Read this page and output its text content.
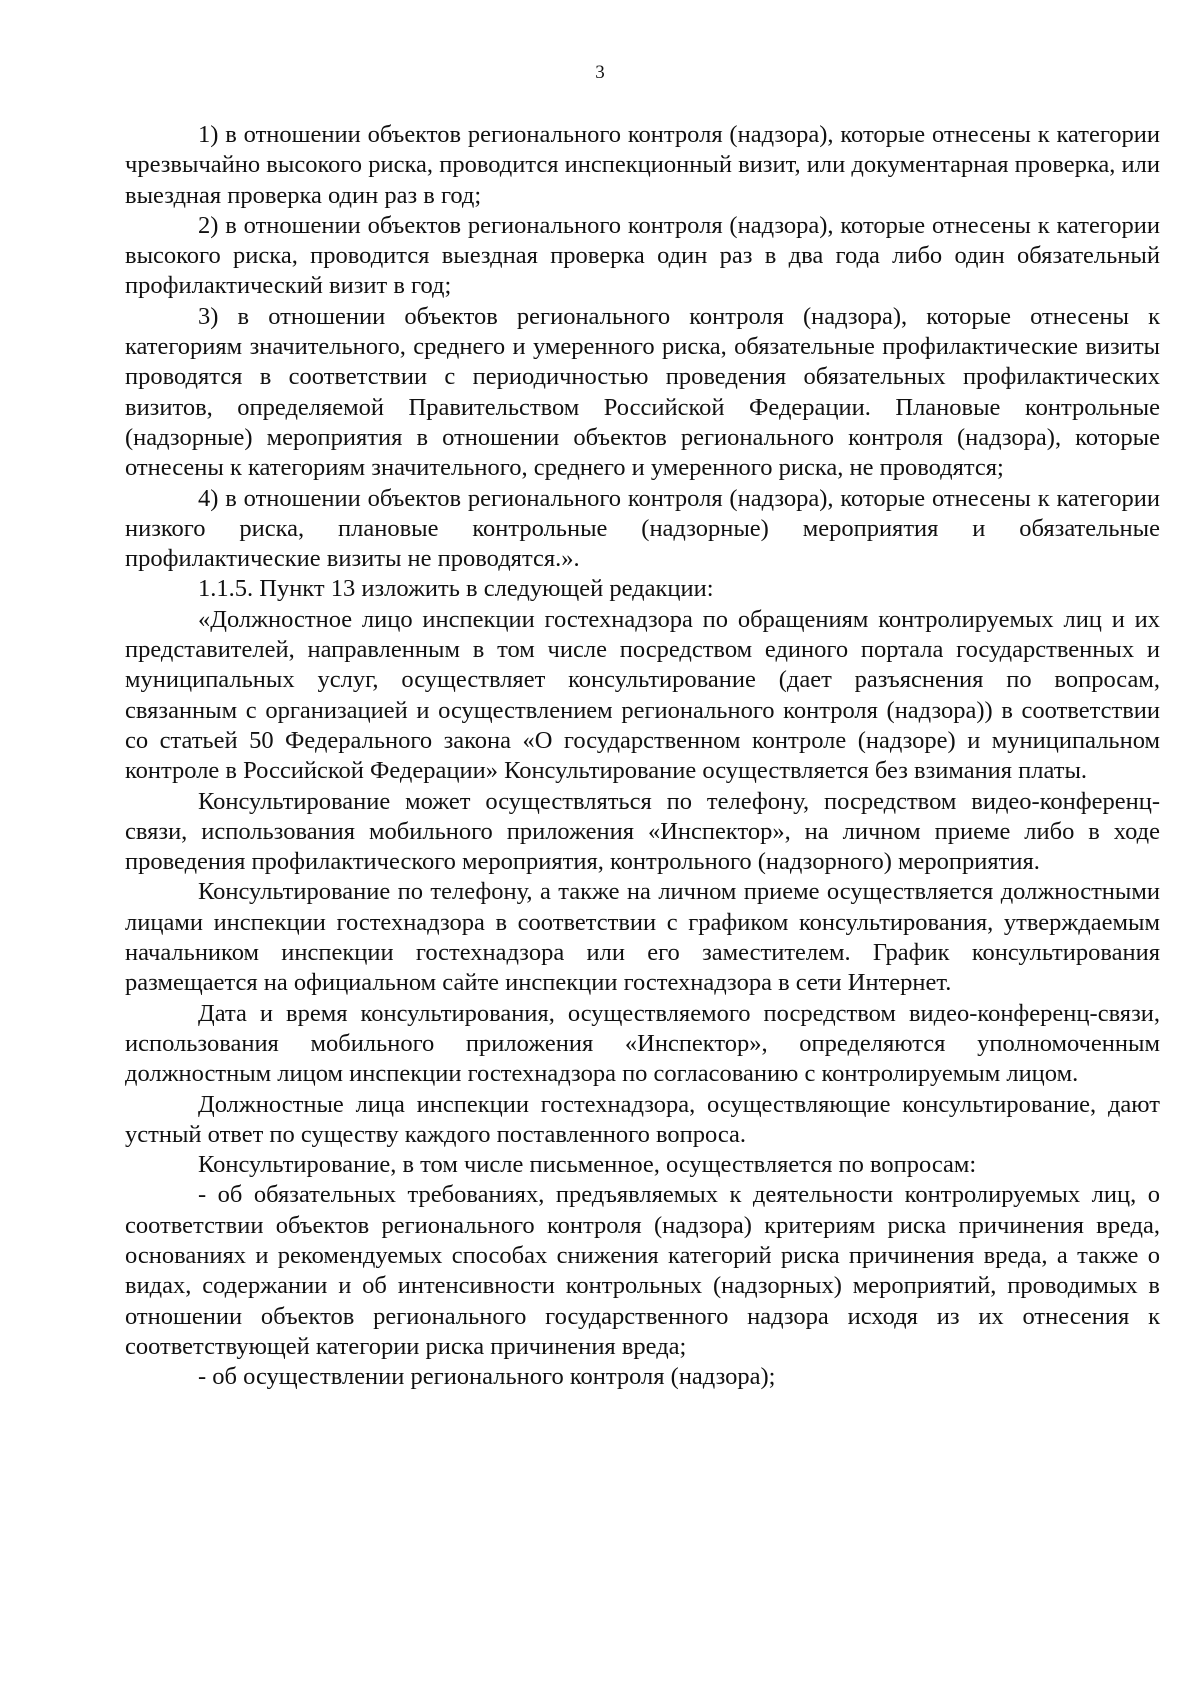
3

1) в отношении объектов регионального контроля (надзора), которые отнесены к категории чрезвычайно высокого риска, проводится инспекционный визит, или документарная проверка, или выездная проверка один раз в год;

2) в отношении объектов регионального контроля (надзора), которые отнесены к категории высокого риска, проводится выездная проверка один раз в два года либо один обязательный профилактический визит в год;

3) в отношении объектов регионального контроля (надзора), которые отнесены к категориям значительного, среднего и умеренного риска, обязательные профилактические визиты проводятся в соответствии с периодичностью проведения обязательных профилактических визитов, определяемой Правительством Российской Федерации. Плановые контрольные (надзорные) мероприятия в отношении объектов регионального контроля (надзора), которые отнесены к категориям значительного, среднего и умеренного риска, не проводятся;

4) в отношении объектов регионального контроля (надзора), которые отнесены к категории низкого риска, плановые контрольные (надзорные) мероприятия и обязательные профилактические визиты не проводятся.».

1.1.5. Пункт 13 изложить в следующей редакции:

«Должностное лицо инспекции гостехнадзора по обращениям контролируемых лиц и их представителей, направленным в том числе посредством единого портала государственных и муниципальных услуг, осуществляет консультирование (дает разъяснения по вопросам, связанным с организацией и осуществлением регионального контроля (надзора)) в соответствии со статьей 50 Федерального закона «О государственном контроле (надзоре) и муниципальном контроле в Российской Федерации» Консультирование осуществляется без взимания платы.

Консультирование может осуществляться по телефону, посредством видео-конференц-связи, использования мобильного приложения «Инспектор», на личном приеме либо в ходе проведения профилактического мероприятия, контрольного (надзорного) мероприятия.

Консультирование по телефону, а также на личном приеме осуществляется должностными лицами инспекции гостехнадзора в соответствии с графиком консультирования, утверждаемым начальником инспекции гостехнадзора или его заместителем. График консультирования размещается на официальном сайте инспекции гостехнадзора в сети Интернет.

Дата и время консультирования, осуществляемого посредством видео-конференц-связи, использования мобильного приложения «Инспектор», определяются уполномоченным должностным лицом инспекции гостехнадзора по согласованию с контролируемым лицом.

Должностные лица инспекции гостехнадзора, осуществляющие консультирование, дают устный ответ по существу каждого поставленного вопроса.

Консультирование, в том числе письменное, осуществляется по вопросам:

- об обязательных требованиях, предъявляемых к деятельности контролируемых лиц, о соответствии объектов регионального контроля (надзора) критериям риска причинения вреда, основаниях и рекомендуемых способах снижения категорий риска причинения вреда, а также о видах, содержании и об интенсивности контрольных (надзорных) мероприятий, проводимых в отношении объектов регионального государственного надзора исходя из их отнесения к соответствующей категории риска причинения вреда;

- об осуществлении регионального контроля (надзора);
